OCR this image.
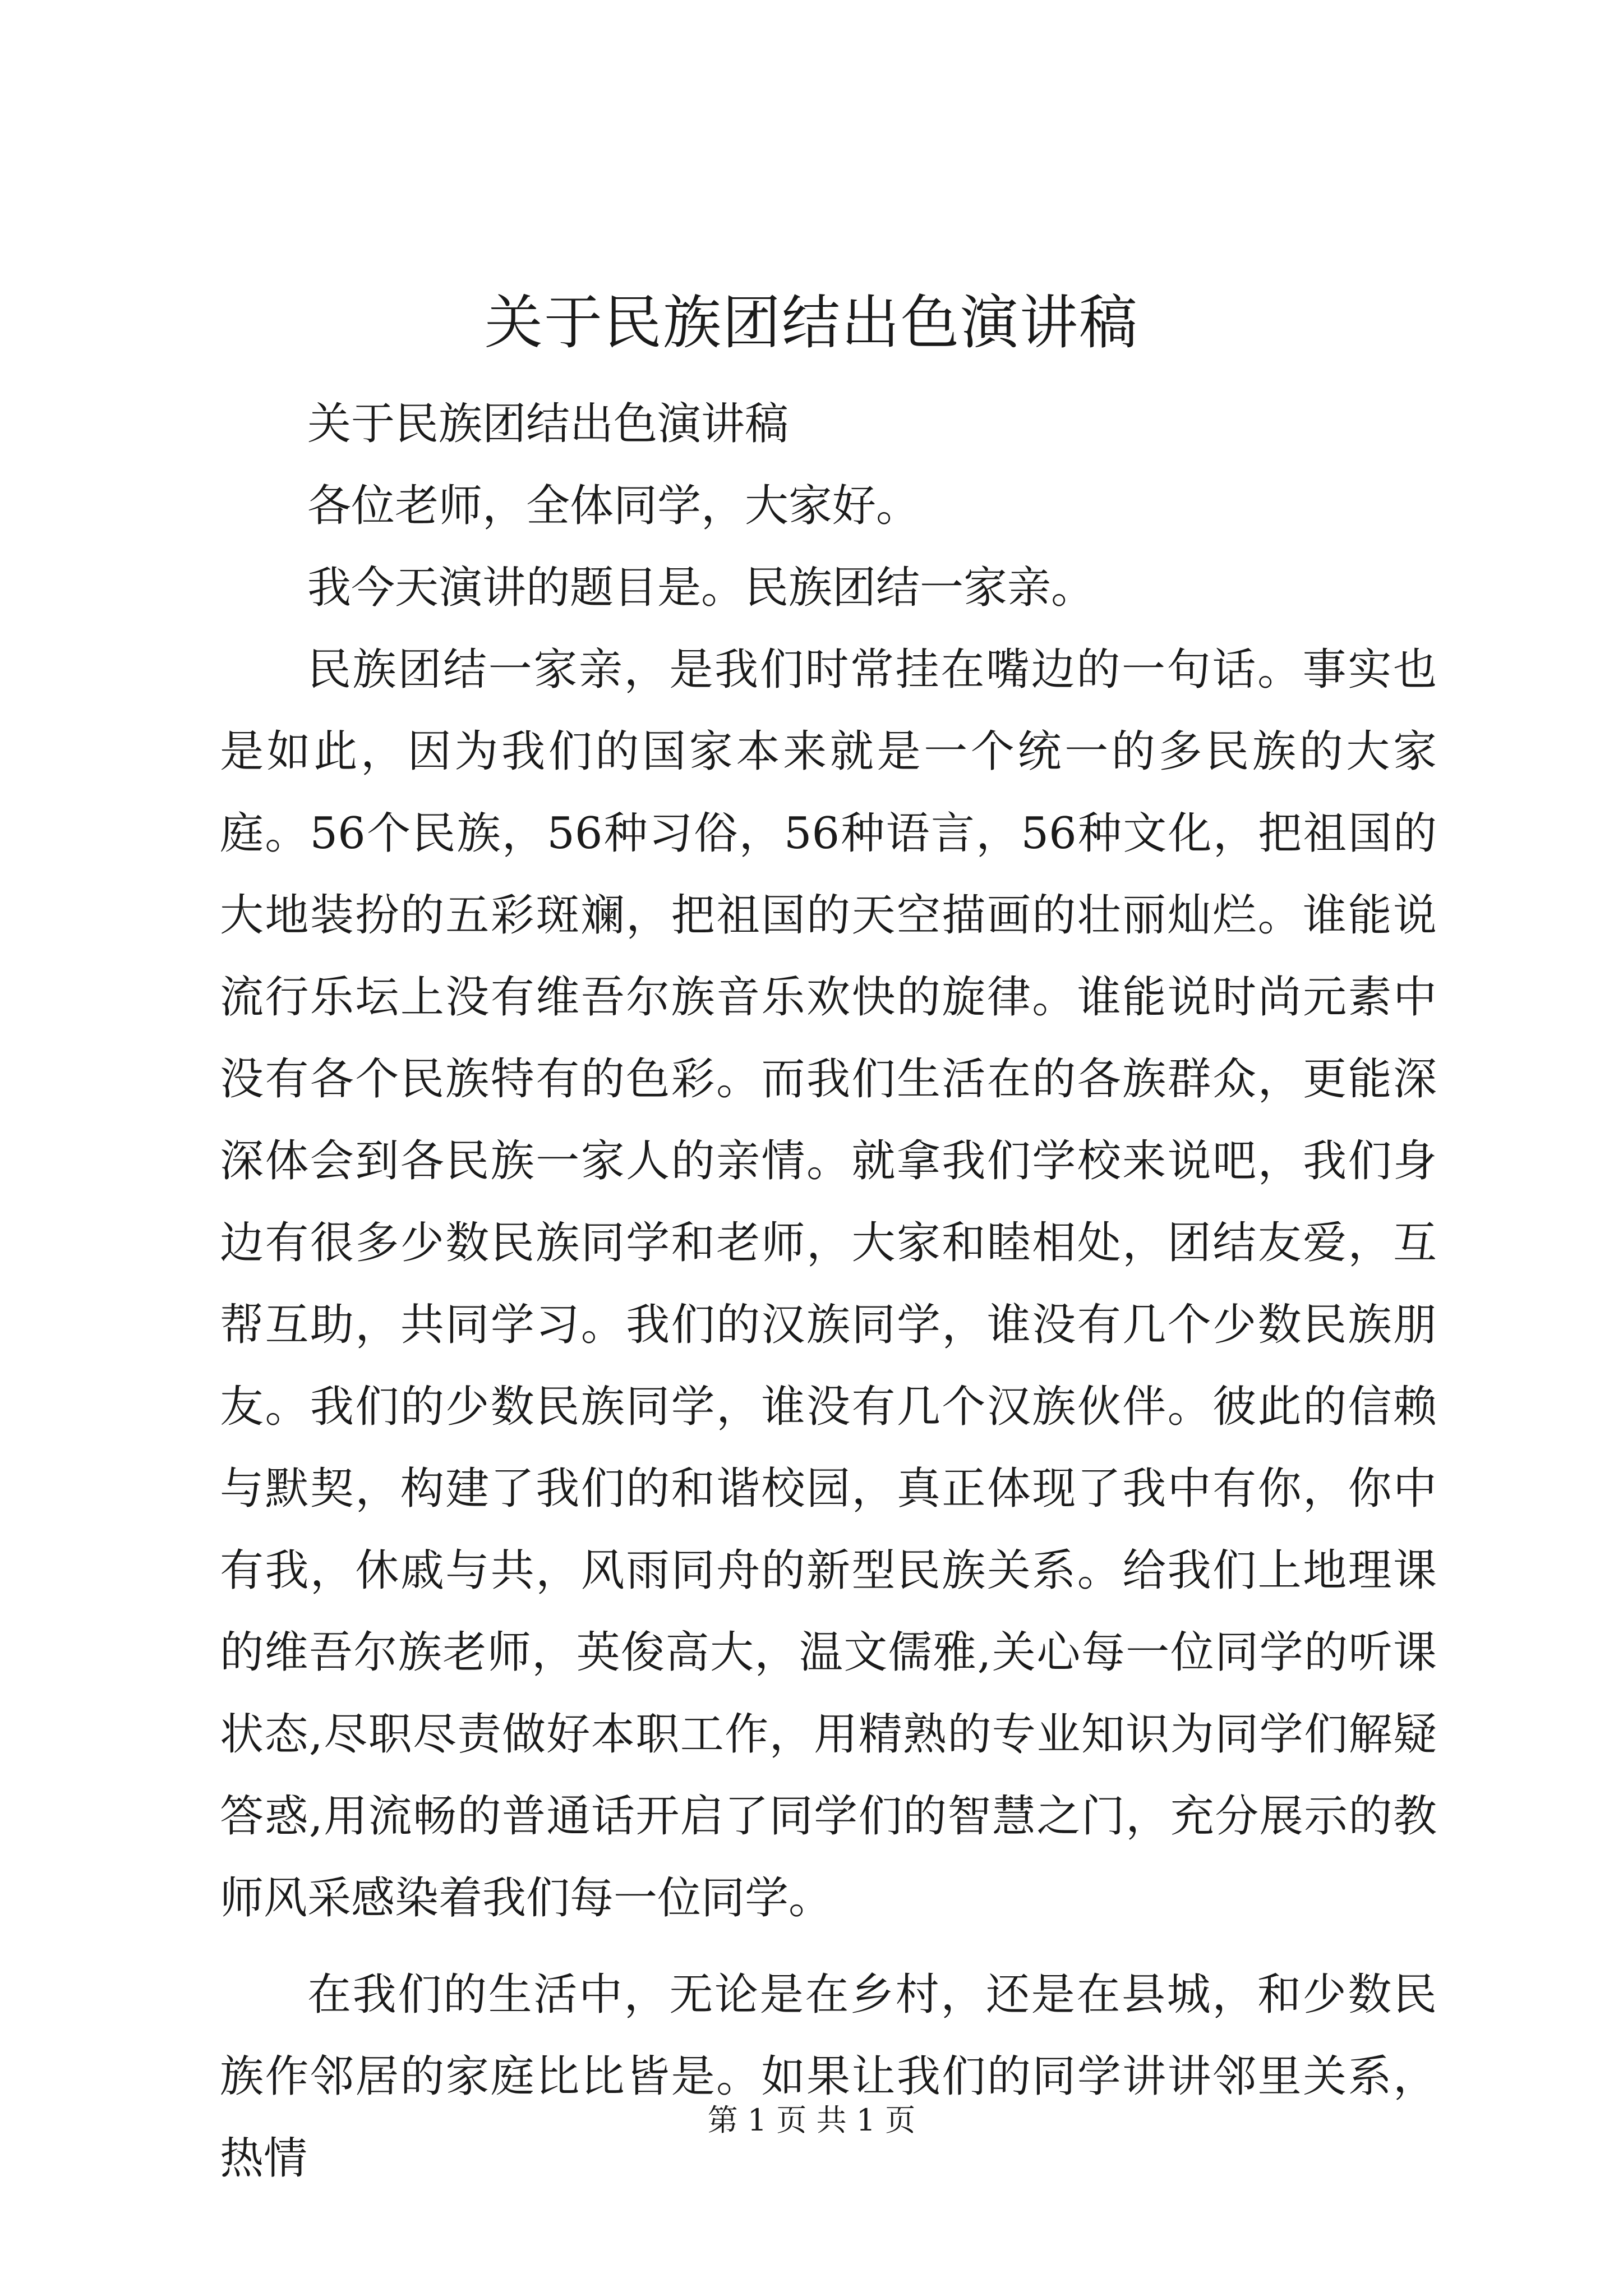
关于民族团结出色演讲稿

关于民族团结出色演讲稿

各位老师，全体同学，大家好。

我今天演讲的题目是。民族团结一家亲。

民族团结一家亲，是我们时常挂在嘴边的一句话。事实也是如此，因为我们的国家本来就是一个统一的多民族的大家庭。56个民族，56种习俗，56种语言，56种文化，把祖国的大地装扮的五彩斑斓，把祖国的天空描画的壮丽灿烂。谁能说流行乐坛上没有维吾尔族音乐欢快的旋律。谁能说时尚元素中没有各个民族特有的色彩。而我们生活在的各族群众，更能深深体会到各民族一家人的亲情。就拿我们学校来说吧，我们身边有很多少数民族同学和老师，大家和睦相处，团结友爱，互帮互助，共同学习。我们的汉族同学，谁没有几个少数民族朋友。我们的少数民族同学，谁没有几个汉族伙伴。彼此的信赖与默契，构建了我们的和谐校园，真正体现了我中有你，你中有我，休戚与共，风雨同舟的新型民族关系。给我们上地理课的维吾尔族老师，英俊高大，温文儒雅,关心每一位同学的听课状态,尽职尽责做好本职工作，用精熟的专业知识为同学们解疑答惑,用流畅的普通话开启了同学们的智慧之门，充分展示的教师风采感染着我们每一位同学。

在我们的生活中，无论是在乡村，还是在县城，和少数民族作邻居的家庭比比皆是。如果让我们的同学讲讲邻里关系，热情

第 1 页 共 1 页
